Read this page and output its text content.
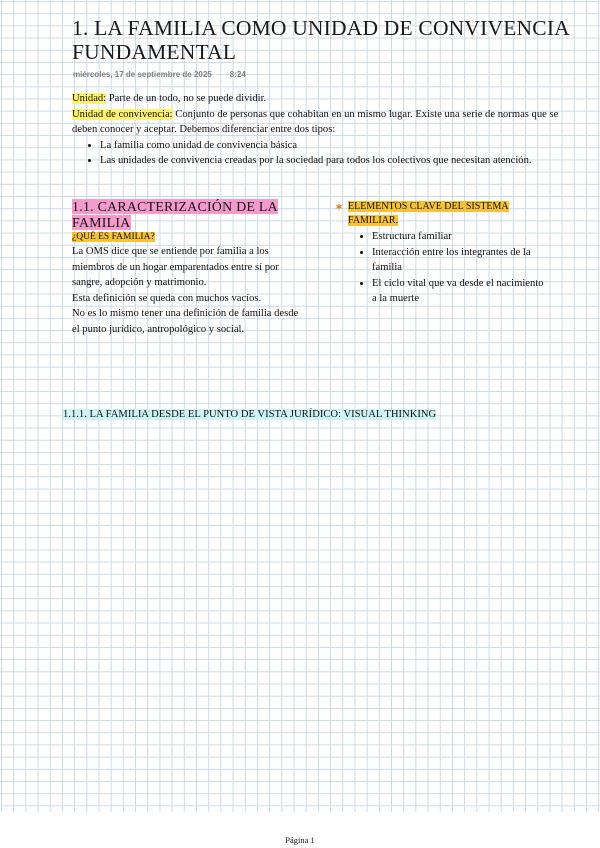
1. LA FAMILIA COMO UNIDAD DE CONVIVENCIA FUNDAMENTAL
miércoles, 17 de septiembre de 2025 8:24
Unidad: Parte de un todo, no se puede dividir.
Unidad de convivencia: Conjunto de personas que cohabitan en un mismo lugar. Existe una serie de normas que se deben conocer y aceptar. Debemos diferenciar entre dos tipos:
• La familia como unidad de convivencia básica
• Las unidades de convivencia creadas por la sociedad para todos los colectivos que necesitan atención.
1.1. CARACTERIZACIÓN DE LA FAMILIA
¿QUÉ ES FAMILIA?
La OMS dice que se entiende por familia a los miembros de un hogar emparentados entre sí por sangre, adopción y matrimonio.
Esta definición se queda con muchos vacíos.
No es lo mismo tener una definición de familia desde el punto jurídico, antropológico y social.
✶ ELEMENTOS CLAVE DEL SISTEMA FAMILIAR.
• Estructura familiar
• Interacción entre los integrantes de la familia
• El ciclo vital que va desde el nacimiento a la muerte
1.1.1. LA FAMILIA DESDE EL PUNTO DE VISTA JURÍDICO: VISUAL THINKING
Página 1
